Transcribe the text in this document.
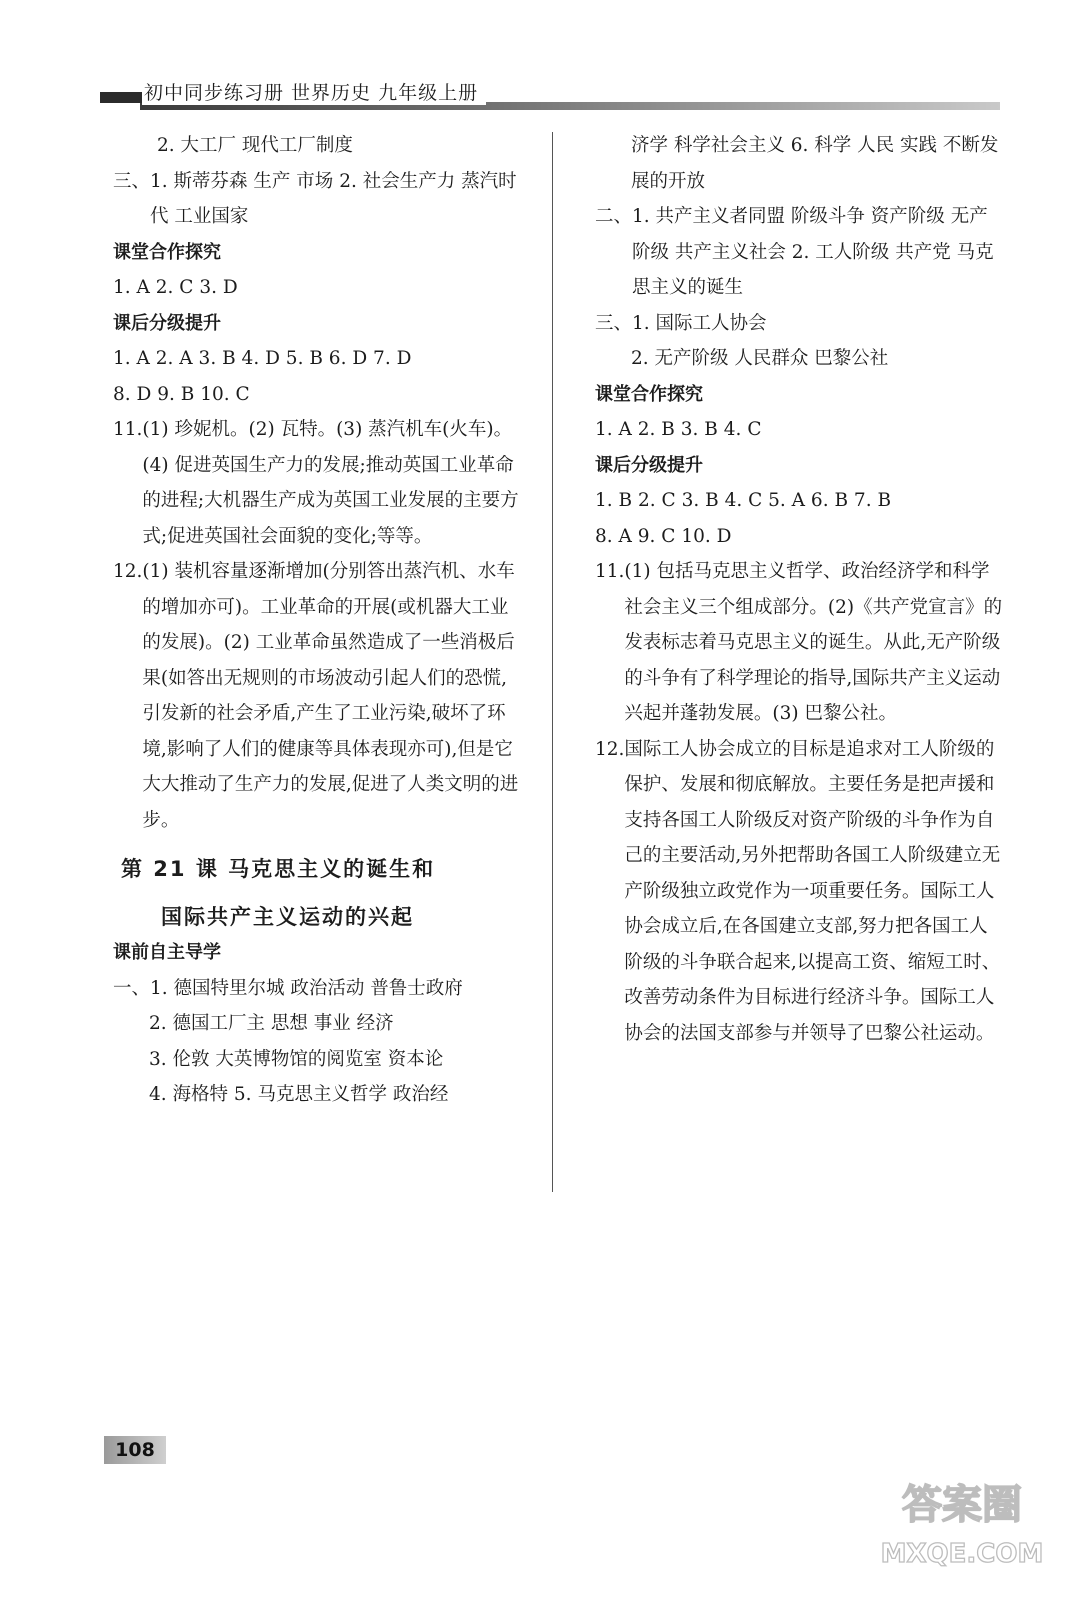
初中同步练习册 世界历史 九年级上册
2. 大工厂 现代工厂制度
三、 1. 斯蒂芬森 生产 市场 2. 社会生产力 蒸汽时代 工业国家
课堂合作探究
1. A 2. C 3. D
课后分级提升
1. A 2. A 3. B 4. D 5. B 6. D 7. D
8. D 9. B 10. C
11. (1) 珍妮机。(2) 瓦特。(3) 蒸汽机车(火车)。(4) 促进英国生产力的发展;推动英国工业革命的进程;大机器生产成为英国工业发展的主要方式;促进英国社会面貌的变化;等等。
12. (1) 装机容量逐渐增加(分别答出蒸汽机、水车的增加亦可)。工业革命的开展(或机器大工业的发展)。(2) 工业革命虽然造成了一些消极后果(如答出无规则的市场波动引起人们的恐慌,引发新的社会矛盾,产生了工业污染,破坏了环境,影响了人们的健康等具体表现亦可),但是它大大推动了生产力的发展,促进了人类文明的进步。
第 21 课 马克思主义的诞生和
国际共产主义运动的兴起
课前自主导学
一、 1. 德国特里尔城 政治活动 普鲁士政府
2. 德国工厂主 思想 事业 经济
3. 伦敦 大英博物馆的阅览室 资本论
4. 海格特 5. 马克思主义哲学 政治经
济学 科学社会主义 6. 科学 人民 实践 不断发展的开放
二、 1. 共产主义者同盟 阶级斗争 资产阶级 无产阶级 共产主义社会 2. 工人阶级 共产党 马克思主义的诞生
三、 1. 国际工人协会
2. 无产阶级 人民群众 巴黎公社
课堂合作探究
1. A 2. B 3. B 4. C
课后分级提升
1. B 2. C 3. B 4. C 5. A 6. B 7. B
8. A 9. C 10. D
11. (1) 包括马克思主义哲学、政治经济学和科学社会主义三个组成部分。(2)《共产党宣言》的发表标志着马克思主义的诞生。从此,无产阶级的斗争有了科学理论的指导,国际共产主义运动兴起并蓬勃发展。(3) 巴黎公社。
12. 国际工人协会成立的目标是追求对工人阶级的保护、发展和彻底解放。主要任务是把声援和支持各国工人阶级反对资产阶级的斗争作为自己的主要活动,另外把帮助各国工人阶级建立无产阶级独立政党作为一项重要任务。国际工人协会成立后,在各国建立支部,努力把各国工人阶级的斗争联合起来,以提高工资、缩短工时、改善劳动条件为目标进行经济斗争。国际工人协会的法国支部参与并领导了巴黎公社运动。
108
答案圈
MXQE.COM
